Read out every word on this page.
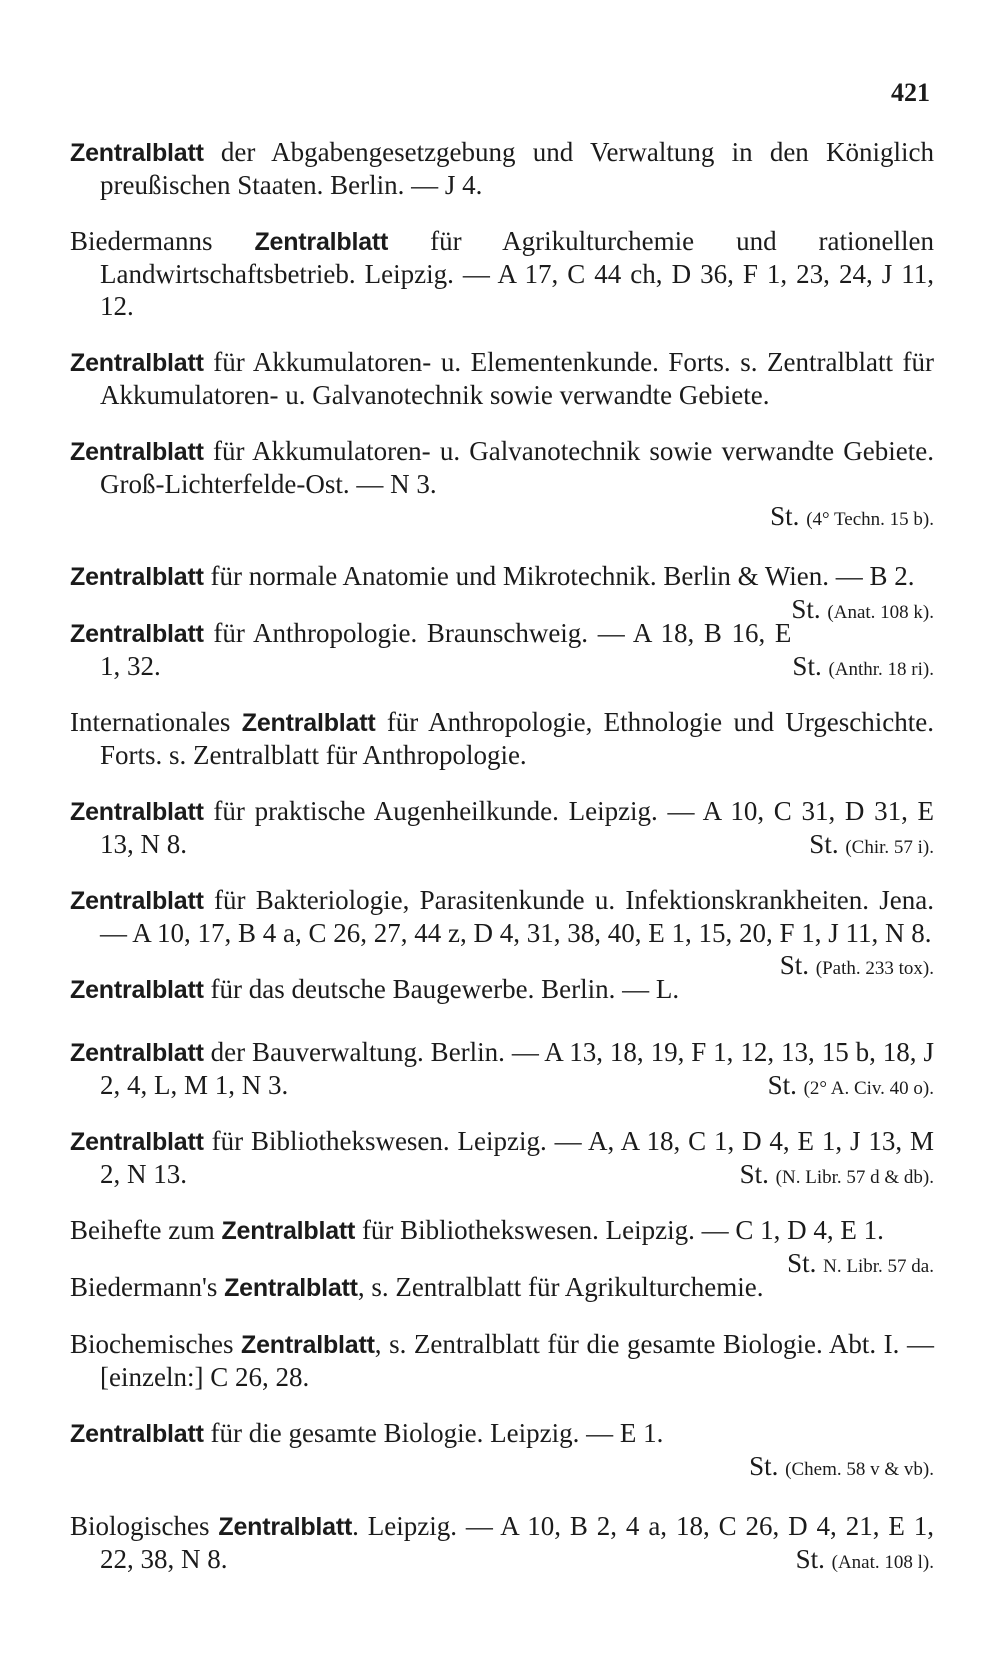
421

Zentralblatt der Abgabengesetzgebung und Verwaltung in den Königlich preußischen Staaten. Berlin. — J 4.

Biedermanns Zentralblatt für Agrikulturchemie und rationellen Landwirtschaftsbetrieb. Leipzig. — A 17, C 44 ch, D 36, F 1, 23, 24, J 11, 12.

Zentralblatt für Akkumulatoren- u. Elementenkunde. Forts. s. Zentralblatt für Akkumulatoren- u. Galvanotechnik sowie verwandte Gebiete.

Zentralblatt für Akkumulatoren- u. Galvanotechnik sowie verwandte Gebiete. Groß-Lichterfelde-Ost. — N 3.
St. (4° Techn. 15 b).

Zentralblatt für normale Anatomie und Mikrotechnik. Berlin & Wien. — B 2.
St. (Anat. 108 k).

Zentralblatt für Anthropologie. Braunschweig. — A 18, B 16, E 1, 32.	St. (Anthr. 18 ri).

Internationales Zentralblatt für Anthropologie, Ethnologie und Urgeschichte. Forts. s. Zentralblatt für Anthropologie.

Zentralblatt für praktische Augenheilkunde. Leipzig. — A 10, C 31, D 31, E 13, N 8.	St. (Chir. 57 i).

Zentralblatt für Bakteriologie, Parasitenkunde u. Infektionskrankheiten. Jena. — A 10, 17, B 4 a, C 26, 27, 44 z, D 4, 31, 38, 40, E 1, 15, 20, F 1, J 11, N 8.
St. (Path. 233 tox).

Zentralblatt für das deutsche Baugewerbe. Berlin. — L.

Zentralblatt der Bauverwaltung. Berlin. — A 13, 18, 19, F 1, 12, 13, 15 b, 18, J 2, 4, L, M 1, N 3.	St. (2° A. Civ. 40 o).

Zentralblatt für Bibliothekswesen. Leipzig. — A, A 18, C 1, D 4, E 1, J 13, M 2, N 13.	St. (N. Libr. 57 d & db).

Beihefte zum Zentralblatt für Bibliothekswesen. Leipzig. — C 1, D 4, E 1.
St. N. Libr. 57 da.

Biedermann's Zentralblatt, s. Zentralblatt für Agrikulturchemie.

Biochemisches Zentralblatt, s. Zentralblatt für die gesamte Biologie. Abt. I. — [einzeln:] C 26, 28.

Zentralblatt für die gesamte Biologie. Leipzig. — E 1.
St. (Chem. 58 v & vb).

Biologisches Zentralblatt. Leipzig. — A 10, B 2, 4 a, 18, C 26, D 4, 21, E 1, 22, 38, N 8.	St. (Anat. 108 l).
